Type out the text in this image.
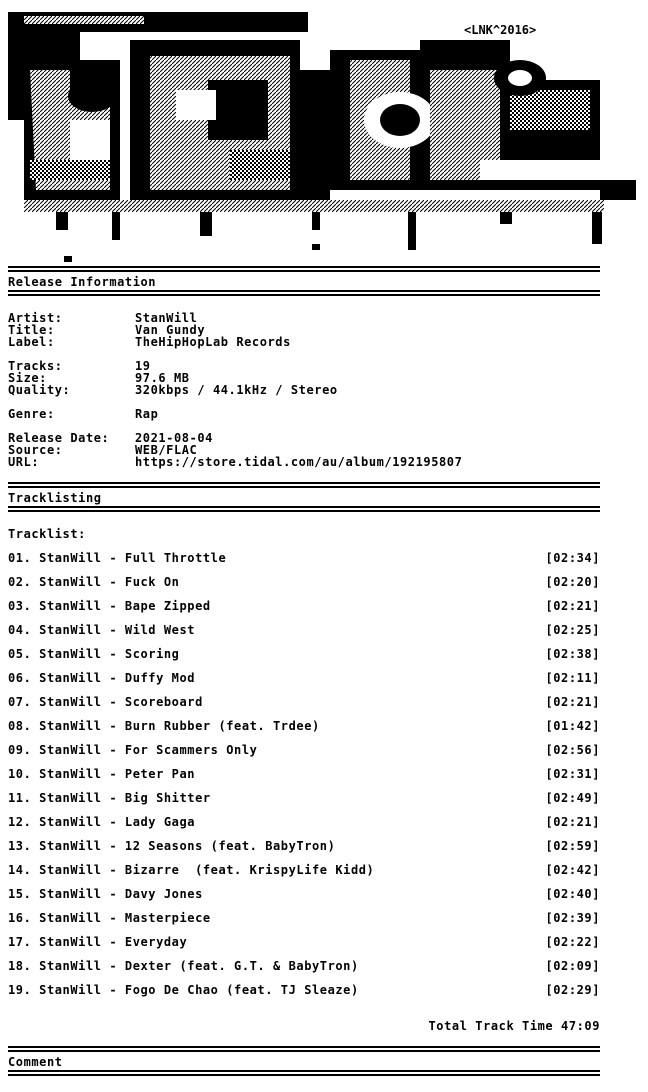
<LNK^2016>
Release Information
Artist:	StanWill
Title:	Van Gundy
Label:	TheHipHopLab Records
Tracks:	19
Size:	97.6 MB
Quality:	320kbps / 44.1kHz / Stereo
Genre:	Rap
Release Date: 2021-08-04
Source:	WEB/FLAC
URL:	https://store.tidal.com/au/album/192195807
Tracklisting
Tracklist:
01. StanWill - Full Throttle	[02:34]
02. StanWill - Fuck On	[02:20]
03. StanWill - Bape Zipped	[02:21]
04. StanWill - Wild West	[02:25]
05. StanWill - Scoring	[02:38]
06. StanWill - Duffy Mod	[02:11]
07. StanWill - Scoreboard	[02:21]
08. StanWill - Burn Rubber (feat. Trdee)	[01:42]
09. StanWill - For Scammers Only	[02:56]
10. StanWill - Peter Pan	[02:31]
11. StanWill - Big Shitter	[02:49]
12. StanWill - Lady Gaga	[02:21]
13. StanWill - 12 Seasons (feat. BabyTron)	[02:59]
14. StanWill - Bizarre  (feat. KrispyLife Kidd)	[02:42]
15. StanWill - Davy Jones	[02:40]
16. StanWill - Masterpiece	[02:39]
17. StanWill - Everyday	[02:22]
18. StanWill - Dexter (feat. G.T. & BabyTron)	[02:09]
19. StanWill - Fogo De Chao (feat. TJ Sleaze)	[02:29]
Total Track Time 47:09
Comment
